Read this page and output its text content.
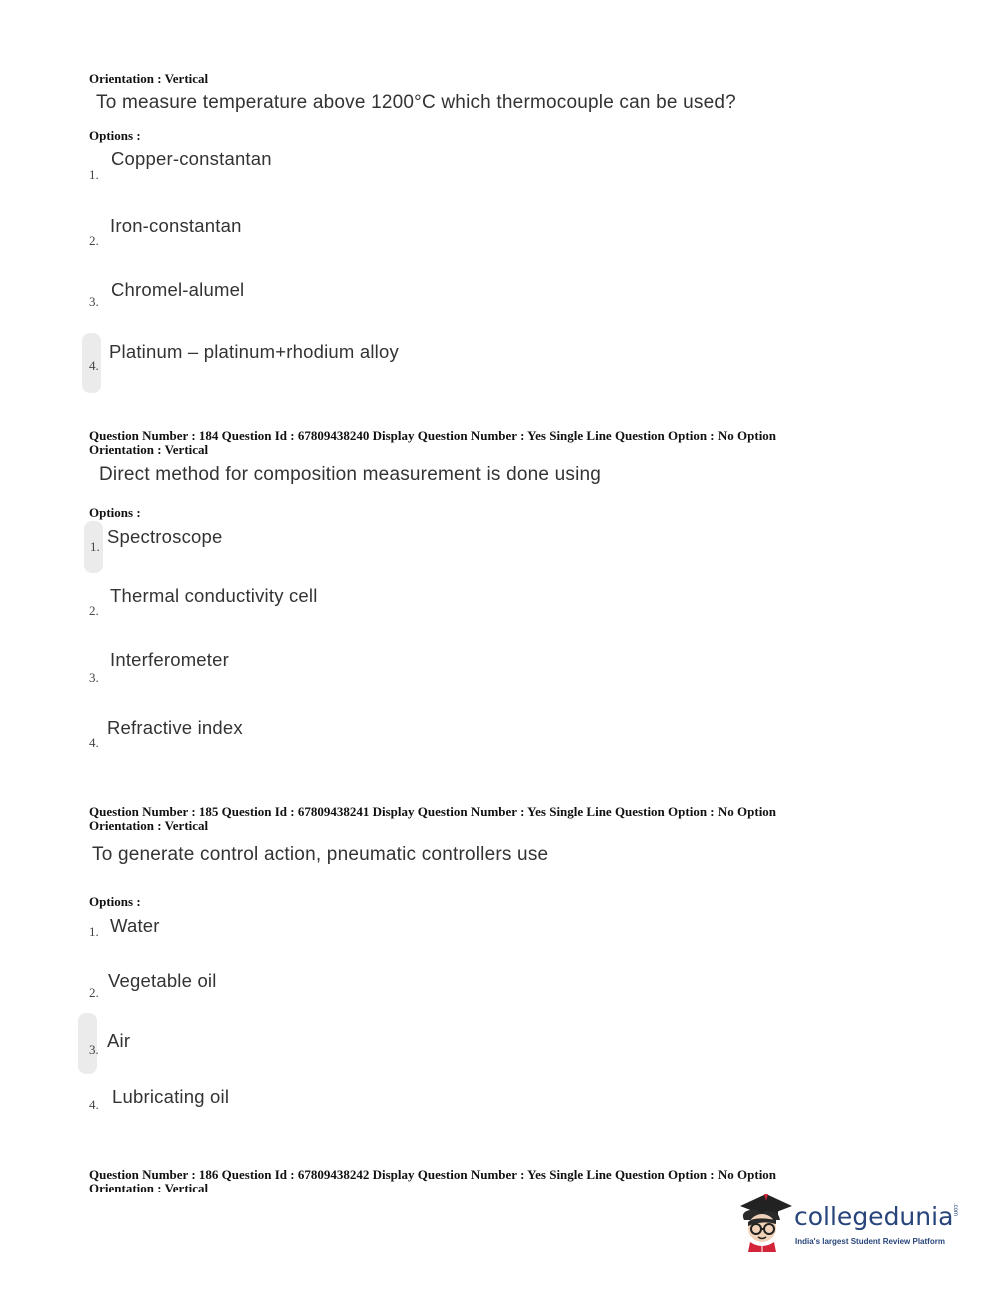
Orientation : Vertical
To measure temperature above 1200°C which thermocouple can be used?
Options :
1.
Copper-constantan
2.
Iron-constantan
3.
Chromel-alumel
4.
Platinum – platinum+rhodium alloy
Question Number : 184 Question Id : 67809438240 Display Question Number : Yes Single Line Question Option : No Option
Orientation : Vertical
Direct method for composition measurement is done using
Options :
1. Spectroscope
2.
Thermal conductivity cell
3.
Interferometer
4.
Refractive index
Question Number : 185 Question Id : 67809438241 Display Question Number : Yes Single Line Question Option : No Option
Orientation : Vertical
To generate control action, pneumatic controllers use
Options :
1. Water
2.
Vegetable oil
3. Air
4. Lubricating oil
Question Number : 186 Question Id : 67809438242 Display Question Number : Yes Single Line Question Option : No Option
Orientation : Vertical
collegedunia
.com
India's largest Student Review Platform
